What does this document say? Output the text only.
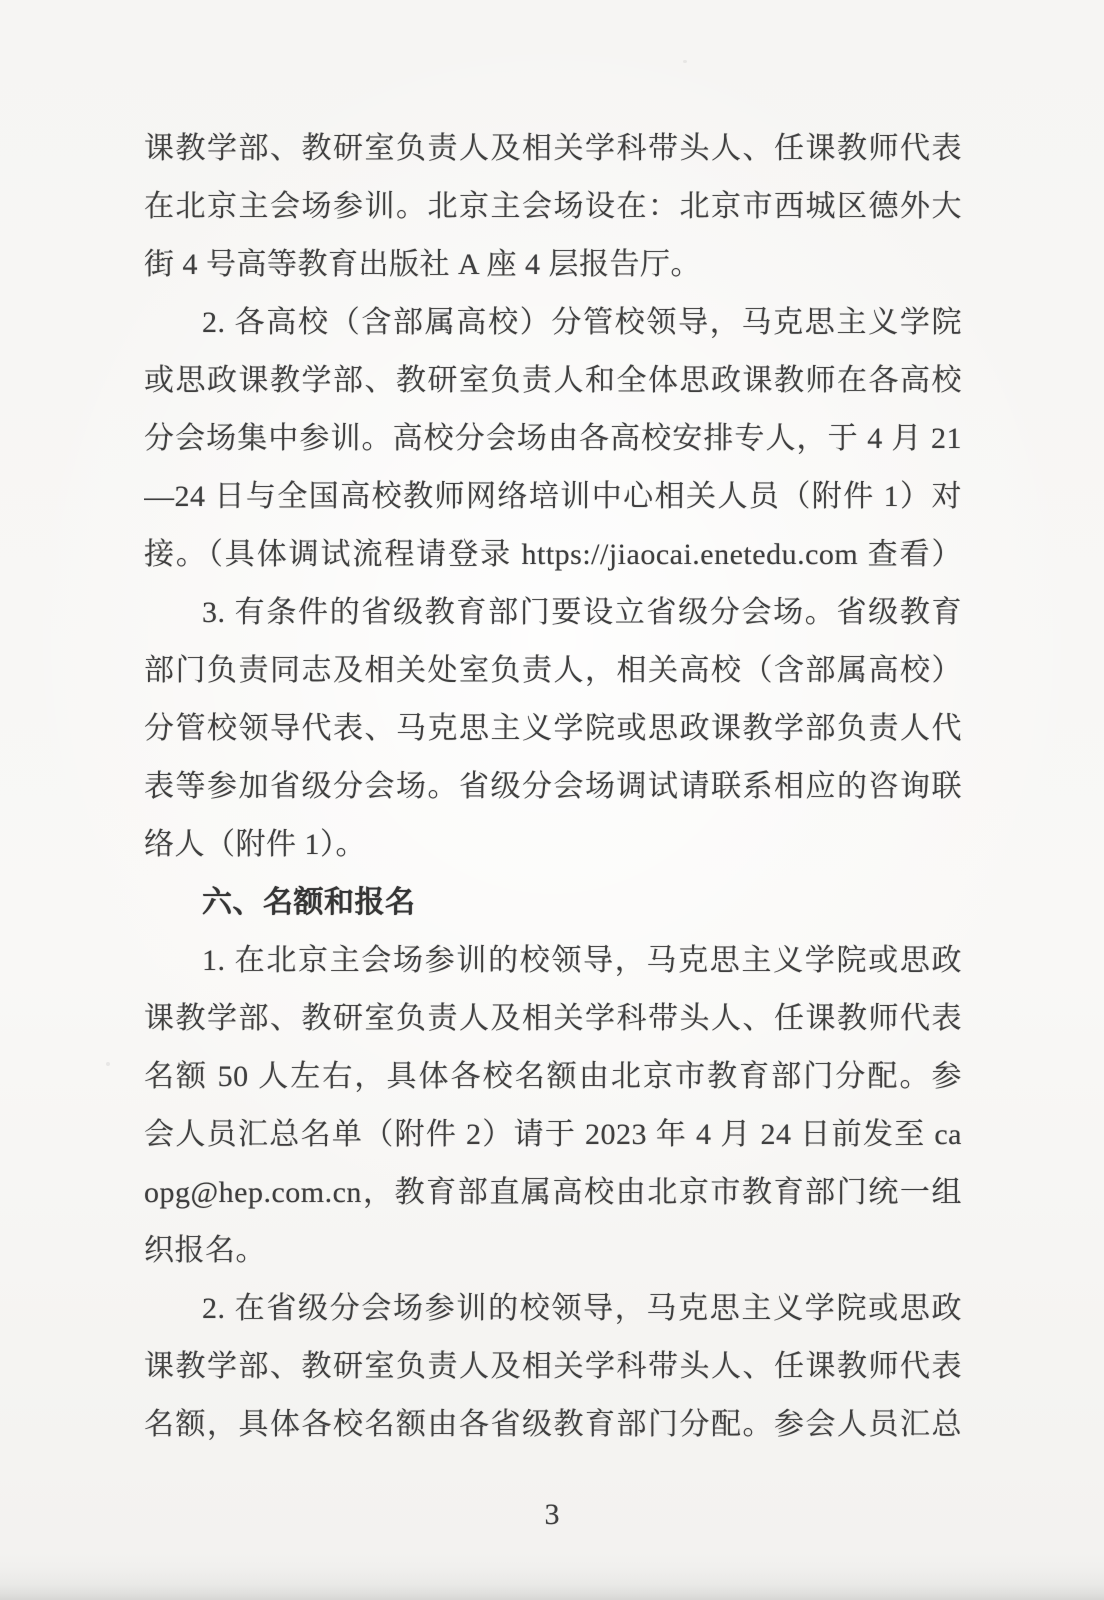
课教学部、教研室负责人及相关学科带头人、任课教师代表
在北京主会场参训。北京主会场设在：北京市西城区德外大
街 4 号高等教育出版社 A 座 4 层报告厅。
2. 各高校（含部属高校）分管校领导，马克思主义学院
或思政课教学部、教研室负责人和全体思政课教师在各高校
分会场集中参训。高校分会场由各高校安排专人，于 4 月 21
—24 日与全国高校教师网络培训中心相关人员（附件 1）对
接。（具体调试流程请登录 https://jiaocai.enetedu.com 查看）
3. 有条件的省级教育部门要设立省级分会场。省级教育
部门负责同志及相关处室负责人，相关高校（含部属高校）
分管校领导代表、马克思主义学院或思政课教学部负责人代
表等参加省级分会场。省级分会场调试请联系相应的咨询联
络人（附件 1）。
六、名额和报名
1. 在北京主会场参训的校领导，马克思主义学院或思政
课教学部、教研室负责人及相关学科带头人、任课教师代表
名额 50 人左右，具体各校名额由北京市教育部门分配。参
会人员汇总名单（附件 2）请于 2023 年 4 月 24 日前发至 ca
opg@hep.com.cn，教育部直属高校由北京市教育部门统一组
织报名。
2. 在省级分会场参训的校领导，马克思主义学院或思政
课教学部、教研室负责人及相关学科带头人、任课教师代表
名额，具体各校名额由各省级教育部门分配。参会人员汇总
3
